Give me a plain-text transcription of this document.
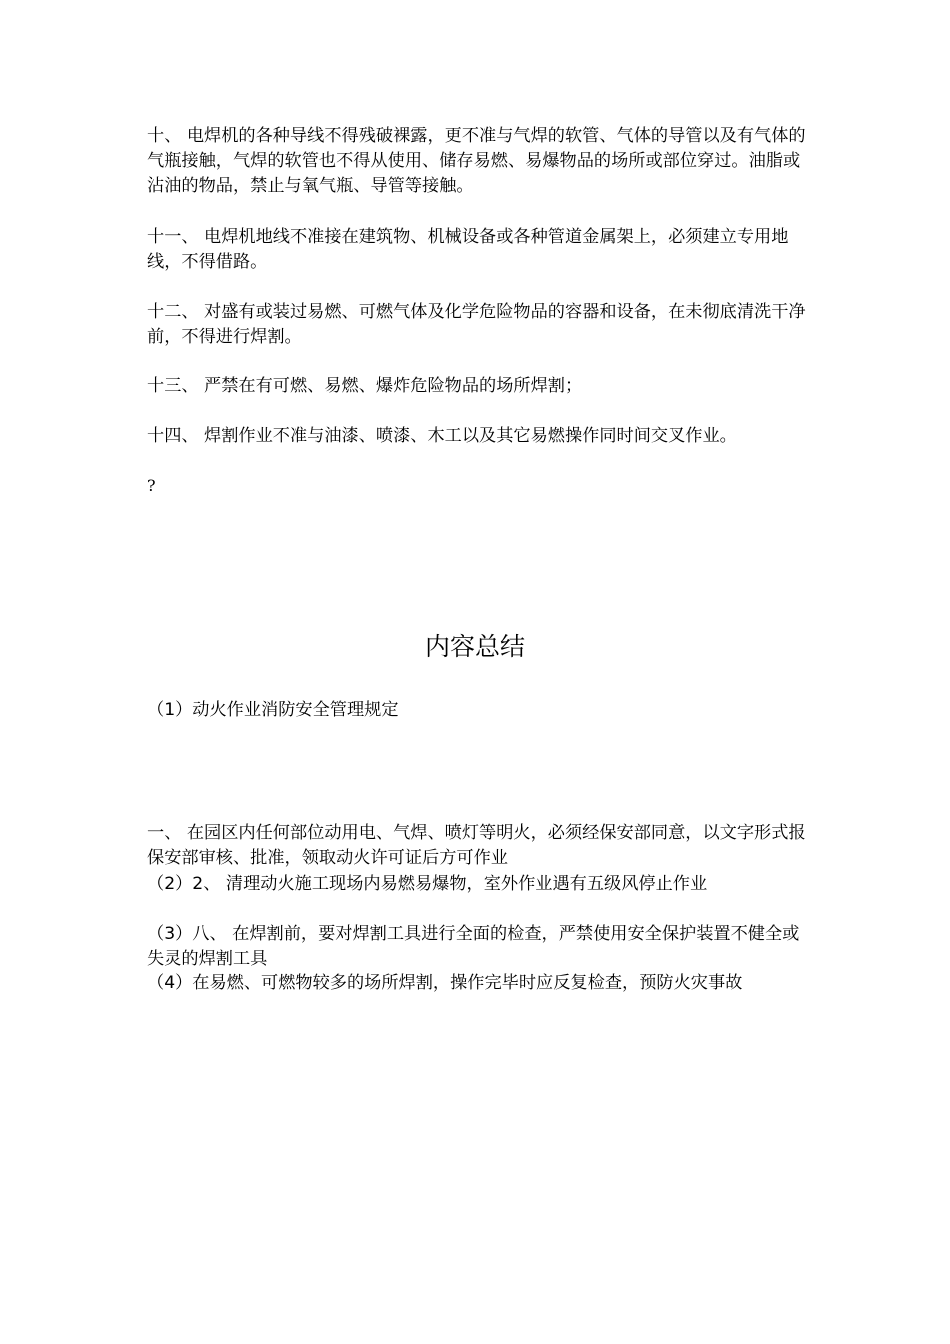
十、 电焊机的各种导线不得残破裸露，更不准与气焊的软管、气体的导管以及有气体的气瓶接触，气焊的软管也不得从使用、储存易燃、易爆物品的场所或部位穿过。油脂或沾油的物品，禁止与氧气瓶、导管等接触。

十一、 电焊机地线不准接在建筑物、机械设备或各种管道金属架上，必须建立专用地线，不得借路。

十二、 对盛有或装过易燃、可燃气体及化学危险物品的容器和设备，在未彻底清洗干净前，不得进行焊割。

十三、 严禁在有可燃、易燃、爆炸危险物品的场所焊割；

十四、 焊割作业不准与油漆、喷漆、木工以及其它易燃操作同时间交叉作业。

?
内容总结

（1）动火作业消防安全管理规定

一、 在园区内任何部位动用电、气焊、喷灯等明火，必须经保安部同意，以文字形式报保安部审核、批准，领取动火许可证后方可作业

（2）2、 清理动火施工现场内易燃易爆物，室外作业遇有五级风停止作业

（3）八、 在焊割前，要对焊割工具进行全面的检查，严禁使用安全保护装置不健全或失灵的焊割工具

（4）在易燃、可燃物较多的场所焊割，操作完毕时应反复检查，预防火灾事故
